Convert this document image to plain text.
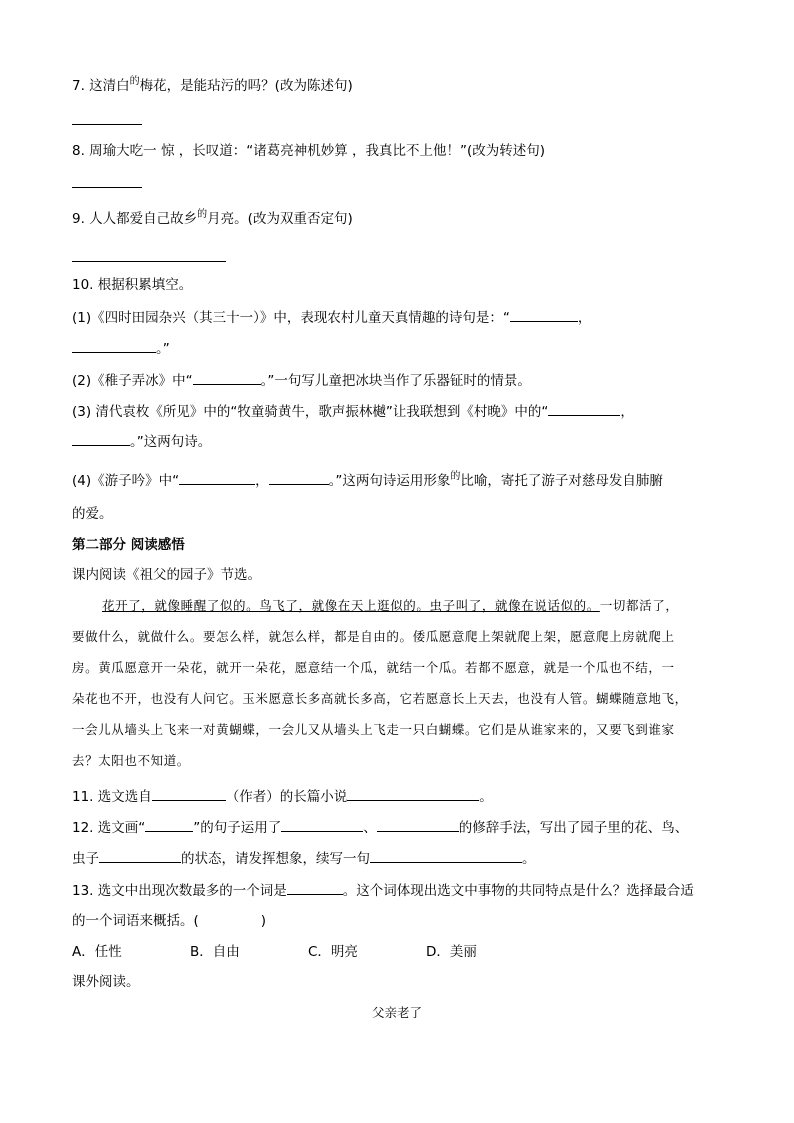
7. 这清白$^的$梅花，是能玷污的吗？(改为陈述句)
8. 周瑜大吃一 惊 ，长叹道：“诸葛亮神机妙算 ，我真比不上他！”(改为转述句)
9. 人人都爱自己故乡$^的$月亮。(改为双重否定句)
10. 根据积累填空。
(1)《四时田园杂兴（其三十一）》中，表现农村儿童天真情趣的诗句是：“	，
。”
(2)《稚子弄冰》中“	。”一句写儿童把冰块当作了乐器钲时的情景。
(3) 清代袁枚《所见》中的“牧童骑黄牛，歌声振林樾”让我联想到《村晚》中的“	，
。”这两句诗。
(4)《游子吟》中“	，	。”这两句诗运用形象$^的$比喻，寄托了游子对慈母发自肺腑
的爱。
第二部分 阅读感悟
课内阅读《祖父的园子》节选。
花开了，就像睡醒了似的。鸟飞了，就像在天上逛似的。虫子叫了，就像在说话似的。一切都活了，
要做什么，就做什么。要怎么样，就怎么样，都是自由的。倭瓜愿意爬上架就爬上架，愿意爬上房就爬上
房。黄瓜愿意开一朵花，就开一朵花，愿意结一个瓜，就结一个瓜。若都不愿意，就是一个瓜也不结，一
朵花也不开，也没有人问它。玉米愿意长多高就长多高，它若愿意长上天去，也没有人管。蝴蝶随意地飞，
一会儿从墙头上飞来一对黄蝴蝶，一会儿又从墙头上飞走一只白蝴蝶。它们是从谁家来的，又要飞到谁家
去？太阳也不知道。
11. 选文选自	（作者）的长篇小说	。
12. 选文画“	”的句子运用了	、	的修辞手法，写出了园子里的花、鸟、
虫子	的状态，请发挥想象，续写一句	。
13. 选文中出现次数最多的一个词是	。这个词体现出选文中事物的共同特点是什么？选择最合适
的一个词语来概括。(	)
A．任性	B．自由	C．明亮	D．美丽
课外阅读。
父亲老了
